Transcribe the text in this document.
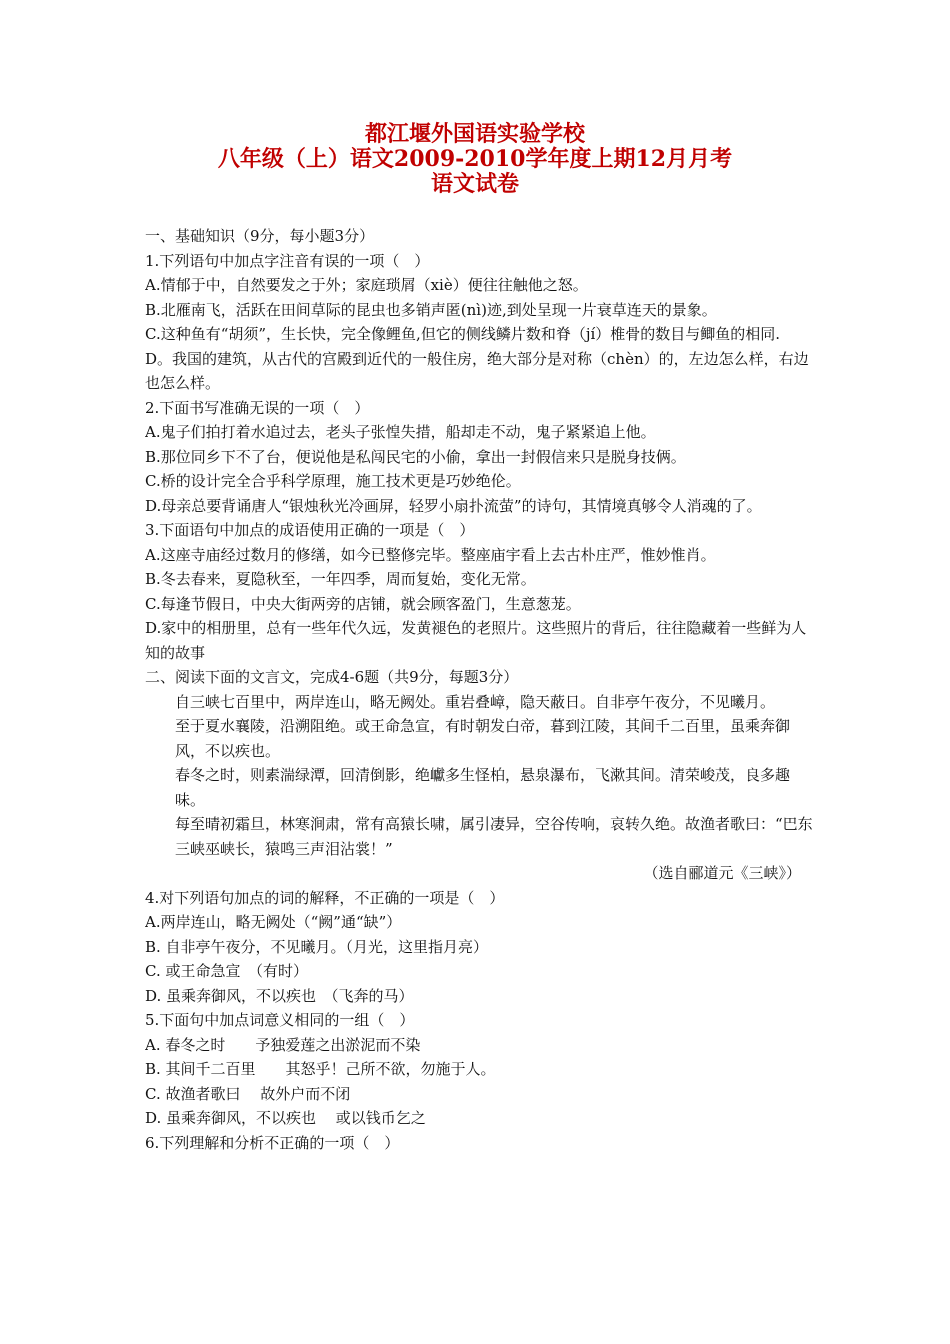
都江堰外国语实验学校

八年级（上）语文2009-2010学年度上期12月月考

语文试卷

一、基础知识（9分，每小题3分）
1.下列语句中加点字注音有误的一项（　）
A.情郁于中，自然要发之于外；家庭琐屑（xiè）便往往触他之怒。
B.北雁南飞，活跃在田间草际的昆虫也多销声匿(nì)迹,到处呈现一片衰草连天的景象。
C.这种鱼有“胡须”，生长快，完全像鲤鱼,但它的侧线鳞片数和脊（jí）椎骨的数目与鲫鱼的相同.
D。我国的建筑，从古代的宫殿到近代的一般住房，绝大部分是对称（chèn）的，左边怎么样，右边也怎么样。
2.下面书写准确无误的一项（　）
A.鬼子们拍打着水追过去，老头子张惶失措，船却走不动，鬼子紧紧追上他。
B.那位同乡下不了台，便说他是私闯民宅的小偷，拿出一封假信来只是脱身技俩。
C.桥的设计完全合乎科学原理，施工技术更是巧妙绝伦。
D.母亲总要背诵唐人“银烛秋光冷画屏，轻罗小扇扑流萤”的诗句，其情境真够令人消魂的了。
3.下面语句中加点的成语使用正确的一项是（　）
A.这座寺庙经过数月的修缮，如今已整修完毕。整座庙宇看上去古朴庄严，惟妙惟肖。
B.冬去春来，夏隐秋至，一年四季，周而复始，变化无常。
C.每逢节假日，中央大街两旁的店铺，就会顾客盈门，生意葱茏。
D.家中的相册里，总有一些年代久远，发黄褪色的老照片。这些照片的背后，往往隐藏着一些鲜为人知的故事
二、阅读下面的文言文，完成4-6题（共9分，每题3分）
自三峡七百里中，两岸连山，略无阙处。重岩叠嶂，隐天蔽日。自非亭午夜分，不见曦月。
至于夏水襄陵，沿溯阻绝。或王命急宣，有时朝发白帝，暮到江陵，其间千二百里，虽乘奔御风，不以疾也。
春冬之时，则素湍绿潭，回清倒影，绝巘多生怪柏，悬泉瀑布，飞漱其间。清荣峻茂，良多趣味。
每至晴初霜旦，林寒涧肃，常有高猿长啸，属引凄异，空谷传响，哀转久绝。故渔者歌曰：“巴东三峡巫峡长，猿鸣三声泪沾裳！”
（选自郦道元《三峡》）
4.对下列语句加点的词的解释，不正确的一项是（　）
A.两岸连山，略无阙处（“阙”通“缺”）
B. 自非亭午夜分，不见曦月。（月光，这里指月亮）
C. 或王命急宣　（有时）
D. 虽乘奔御风，不以疾也　（飞奔的马）
5.下面句中加点词意义相同的一组（　）
A. 春冬之时　　予独爱莲之出淤泥而不染
B. 其间千二百里　　其怒乎！己所不欲，勿施于人。
C. 故渔者歌曰　 故外户而不闭
D. 虽乘奔御风，不以疾也　 或以钱币乞之
6.下列理解和分析不正确的一项（　）
